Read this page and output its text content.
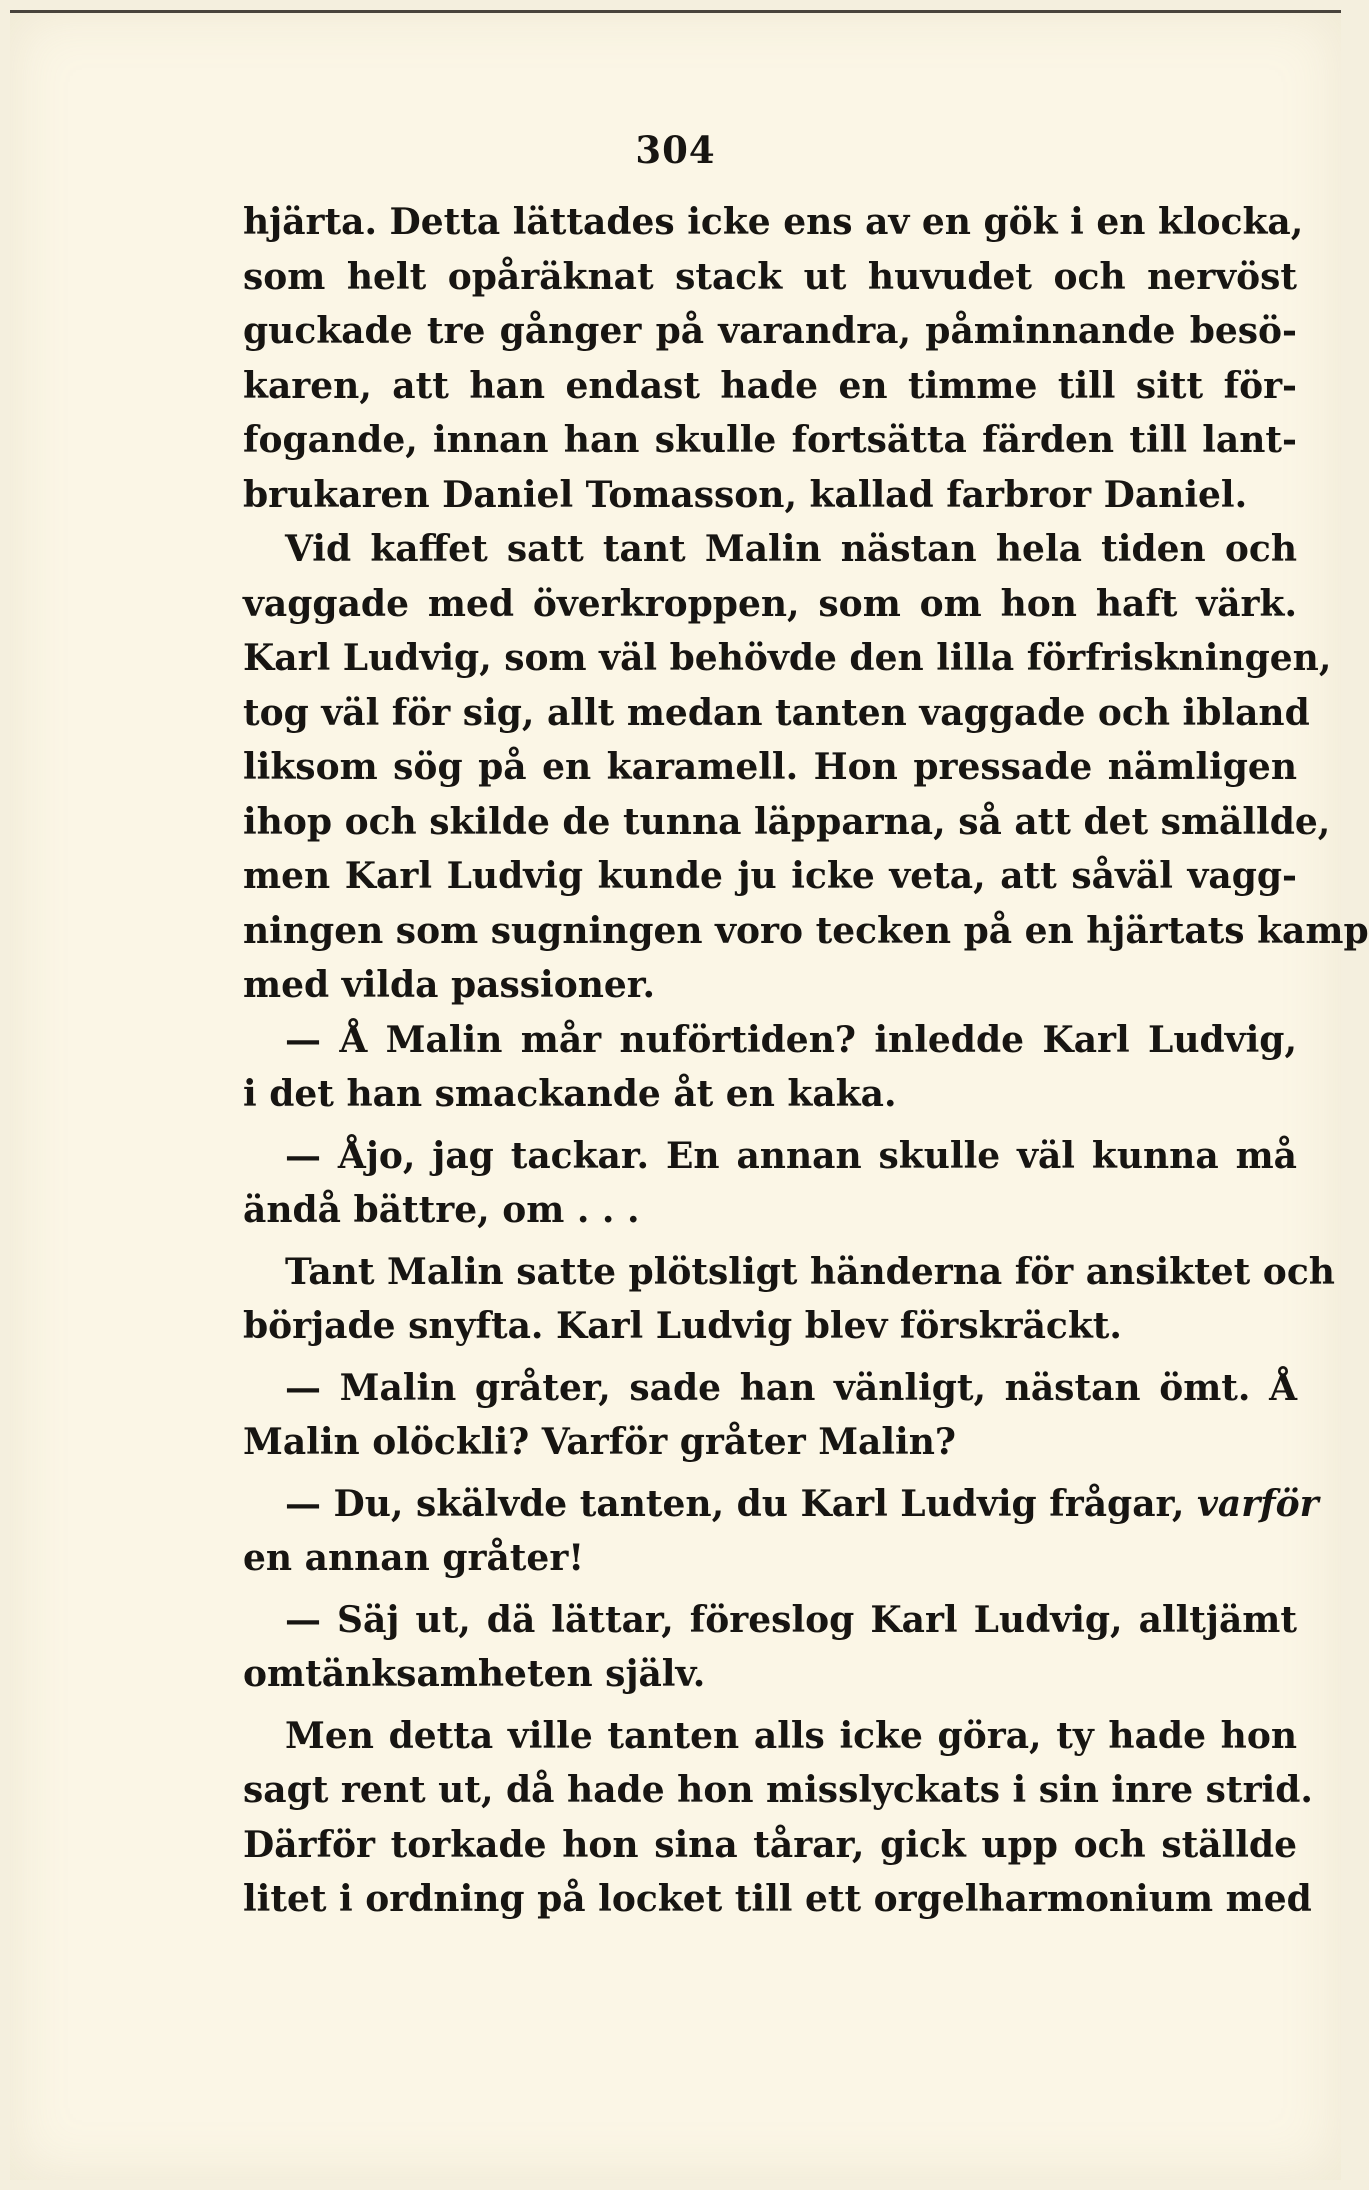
304
hjärta. Detta lättades icke ens av en gök i en klocka,
som helt opåräknat stack ut huvudet och nervöst
guckade tre gånger på varandra, påminnande besö-
karen, att han endast hade en timme till sitt för-
fogande, innan han skulle fortsätta färden till lant-
brukaren Daniel Tomasson, kallad farbror Daniel.
Vid kaffet satt tant Malin nästan hela tiden och
vaggade med överkroppen, som om hon haft värk.
Karl Ludvig, som väl behövde den lilla förfriskningen,
tog väl för sig, allt medan tanten vaggade och ibland
liksom sög på en karamell. Hon pressade nämligen
ihop och skilde de tunna läpparna, så att det smällde,
men Karl Ludvig kunde ju icke veta, att såväl vagg-
ningen som sugningen voro tecken på en hjärtats kamp
med vilda passioner.
— Å Malin mår nuförtiden? inledde Karl Ludvig,
i det han smackande åt en kaka.
— Åjo, jag tackar. En annan skulle väl kunna må
ändå bättre, om . . .
Tant Malin satte plötsligt händerna för ansiktet och
började snyfta. Karl Ludvig blev förskräckt.
— Malin gråter, sade han vänligt, nästan ömt. Å
Malin olöckli? Varför gråter Malin?
— Du, skälvde tanten, du Karl Ludvig frågar, varför
en annan gråter!
— Säj ut, dä lättar, föreslog Karl Ludvig, alltjämt
omtänksamheten själv.
Men detta ville tanten alls icke göra, ty hade hon
sagt rent ut, då hade hon misslyckats i sin inre strid.
Därför torkade hon sina tårar, gick upp och ställde
litet i ordning på locket till ett orgelharmonium med
